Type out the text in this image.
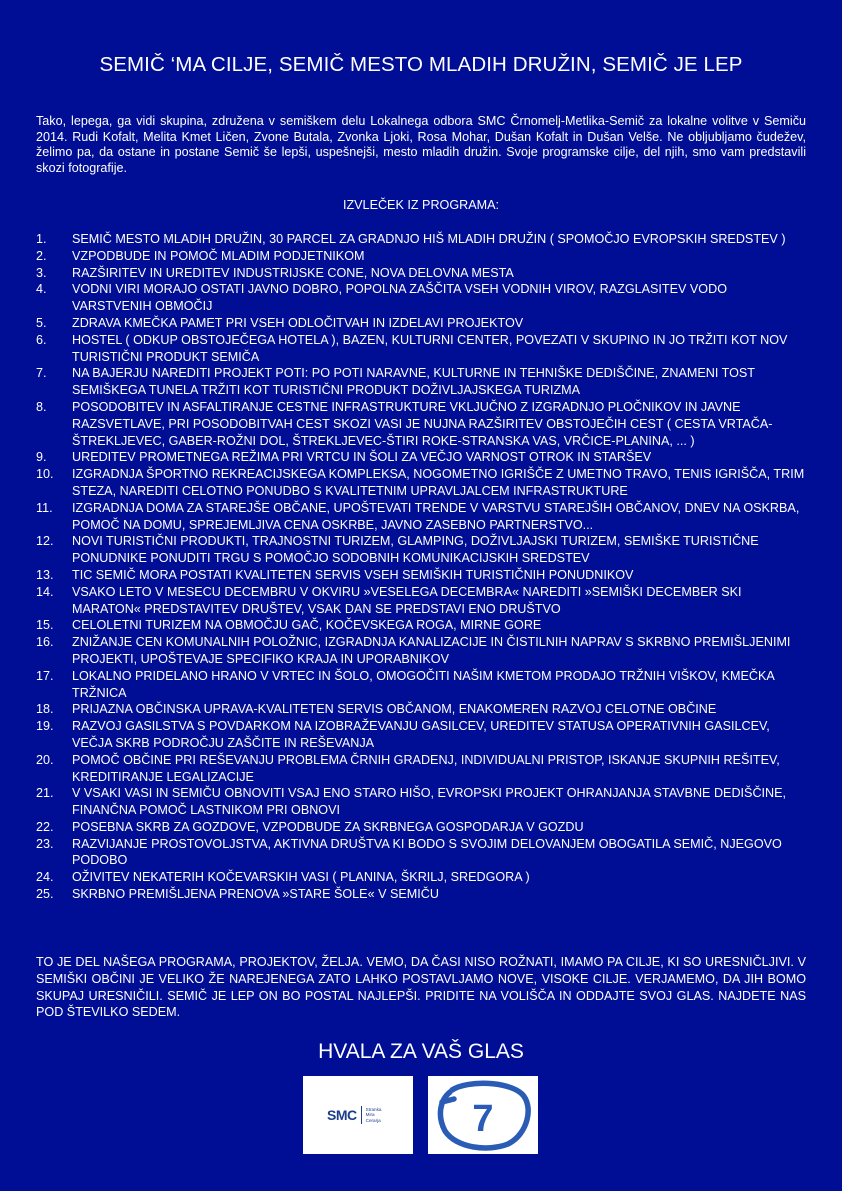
SEMIČ ‘MA CILJE, SEMIČ MESTO MLADIH DRUŽIN, SEMIČ JE LEP
Tako, lepega, ga vidi skupina, združena v semiškem delu Lokalnega odbora SMC Črnomelj-Metlika-Semič za lokalne volitve v Semiču 2014. Rudi Kofalt, Melita Kmet Ličen, Zvone Butala, Zvonka Ljoki, Rosa Mohar, Dušan Kofalt in Dušan Velše. Ne obljubljamo čudežev, želimo pa, da ostane in postane Semič še lepši, uspešnejši, mesto mladih družin. Svoje programske cilje, del njih, smo vam predstavili skozi fotografije.
IZVLEČEK IZ PROGRAMA:
1.	SEMIČ MESTO MLADIH DRUŽIN, 30 PARCEL ZA GRADNJO HIŠ MLADIH DRUŽIN ( SPOMOČJO EVROPSKIH SREDSTEV )
2.	VZPODBUDE IN POMOČ MLADIM PODJETNIKOM
3.	RAZŠIRITEV IN UREDITEV INDUSTRIJSKE CONE, NOVA DELOVNA MESTA
4.	VODNI VIRI MORAJO OSTATI JAVNO DOBRO, POPOLNA ZAŠČITA VSEH VODNIH VIROV, RAZGLASITEV VODO VARSTVENIH OBMOČIJ
5.	ZDRAVA KMEČKA PAMET PRI VSEH ODLOČITVAH IN IZDELAVI PROJEKTOV
6.	HOSTEL ( ODKUP OBSTOJEČEGA HOTELA ), BAZEN, KULTURNI CENTER, POVEZATI V SKUPINO IN JO TRŽITI KOT NOV TURISTIČNI PRODUKT SEMIČA
7.	NA BAJERJU NAREDITI PROJEKT POTI: PO POTI NARAVNE, KULTURNE IN TEHNIŠKE DEDIŠČINE, ZNAMENI TOST SEMIŠKEGA TUNELA TRŽITI KOT TURISTIČNI PRODUKT DOŽIVLJAJSKEGA TURIZMA
8.	POSODOBITEV IN ASFALTIRANJE CESTNE INFRASTRUKTURE VKLJUČNO Z IZGRADNJO PLOČNIKOV IN JAVNE RAZSVETLAVE, PRI POSODOBITVAH CEST SKOZI VASI JE NUJNA RAZŠIRITEV OBSTOJEČIH CEST ( CESTA VRTAČA-ŠTREKLJEVEC, GABER-ROŽNI DOL, ŠTREKLJEVEC-ŠTIRI ROKE-STRANSKA VAS, VRČICE-PLANINA, ... )
9.	UREDITEV PROMETNEGA REŽIMA PRI VRTCU IN ŠOLI ZA VEČJO VARNOST OTROK IN STARŠEV
10.	IZGRADNJA ŠPORTNO REKREACIJSKEGA KOMPLEKSA, NOGOMETNO IGRIŠČE Z UMETNO TRAVO, TENIS IGRIŠČA, TRIM STEZA, NAREDITI CELOTNO PONUDBO S KVALITETNIM UPRAVLJALCEM INFRASTRUKTURE
11.	IZGRADNJA DOMA ZA STAREJŠE OBČANE, UPOŠTEVATI TRENDE V VARSTVU STAREJŠIH OBČANOV, DNEV NA OSKRBA, POMOČ NA DOMU, SPREJEMLJIVA CENA OSKRBE, JAVNO ZASEBNO PARTNERSTVO...
12.	NOVI TURISTIČNI PRODUKTI, TRAJNOSTNI TURIZEM, GLAMPING, DOŽIVLJAJSKI TURIZEM, SEMIŠKE TURISTIČNE PONUDNIKE PONUDITI TRGU S POMOČJO SODOBNIH KOMUNIKACIJSKIH SREDSTEV
13.	TIC SEMIČ MORA POSTATI KVALITETEN SERVIS VSEH SEMIŠKIH TURISTIČNIH PONUDNIKOV
14.	VSAKO LETO V MESECU DECEMBRU V OKVIRU »VESELEGA DECEMBRA« NAREDITI »SEMIŠKI DECEMBER SKI MARATON« PREDSTAVITEV DRUŠTEV, VSAK DAN SE PREDSTAVI ENO DRUŠTVO
15.	CELOLETNI TURIZEM NA OBMOČJU GAČ, KOČEVSKEGA ROGA, MIRNE GORE
16.	ZNIŽANJE CEN KOMUNALNIH POLOŽNIC, IZGRADNJA KANALIZACIJE IN ČISTILNIH NAPRAV S SKRBNO PREMIŠLJENIMI PROJEKTI, UPOŠTEVAJE SPECIFIKO KRAJA IN UPORABNIKOV
17.	LOKALNO PRIDELANO HRANO V VRTEC IN ŠOLO, OMOGOČITI NAŠIM KMETOM PRODAJO TRŽNIH VIŠKOV, KMEČKA TRŽNICA
18.	PRIJAZNA OBČINSKA UPRAVA-KVALITETEN SERVIS OBČANOM, ENAKOMEREN RAZVOJ CELOTNE OBČINE
19.	RAZVOJ GASILSTVA S POVDARKOM NA IZOBRAŽEVANJU GASILCEV, UREDITEV STATUSA OPERATIVNIH GASILCEV, VEČJA SKRB PODROČJU ZAŠČITE IN REŠEVANJA
20.	POMOČ OBČINE PRI REŠEVANJU PROBLEMA ČRNIH GRADENJ, INDIVIDUALNI PRISTOP, ISKANJE SKUPNIH REŠITEV, KREDITIRANJE LEGALIZACIJE
21.	V VSAKI VASI IN SEMIČU OBNOVITI VSAJ ENO STARO HIŠO, EVROPSKI PROJEKT OHRANJANJA STAVBNE DEDIŠČINE, FINANČNA POMOČ LASTNIKOM PRI OBNOVI
22.	POSEBNA SKRB ZA GOZDOVE, VZPODBUDE ZA SKRBNEGA GOSPODARJA V GOZDU
23.	RAZVIJANJE PROSTOVOLJSTVA, AKTIVNA DRUŠTVA KI BODO S SVOJIM DELOVANJEM OBOGATILA SEMIČ, NJEGOVO PODOBO
24.	OŽIVITEV NEKATERIH KOČEVARSKIH VASI ( PLANINA, ŠKRILJ, SREDGORA )
25.	SKRBNO PREMIŠLJENA PRENOVA »STARE ŠOLE« V SEMIČU
TO JE DEL NAŠEGA PROGRAMA, PROJEKTOV, ŽELJA. VEMO, DA ČASI NISO ROŽNATI, IMAMO PA CILJE, KI SO URESNIČLJIVI. V SEMIŠKI OBČINI JE VELIKO ŽE NAREJENEGA ZATO LAHKO POSTAVLJAMO NOVE, VISOKE CILJE. VERJAMEMO, DA JIH BOMO SKUPAJ URESNIČILI. SEMIČ JE LEP ON BO POSTAL NAJLEPŠI. PRIDITE NA VOLIŠČA IN ODDAJTE SVOJ GLAS. NAJDETE NAS POD ŠTEVILKO SEDEM.
HVALA ZA VAŠ GLAS
SMC Stranka
Mira
Cerarja 7
